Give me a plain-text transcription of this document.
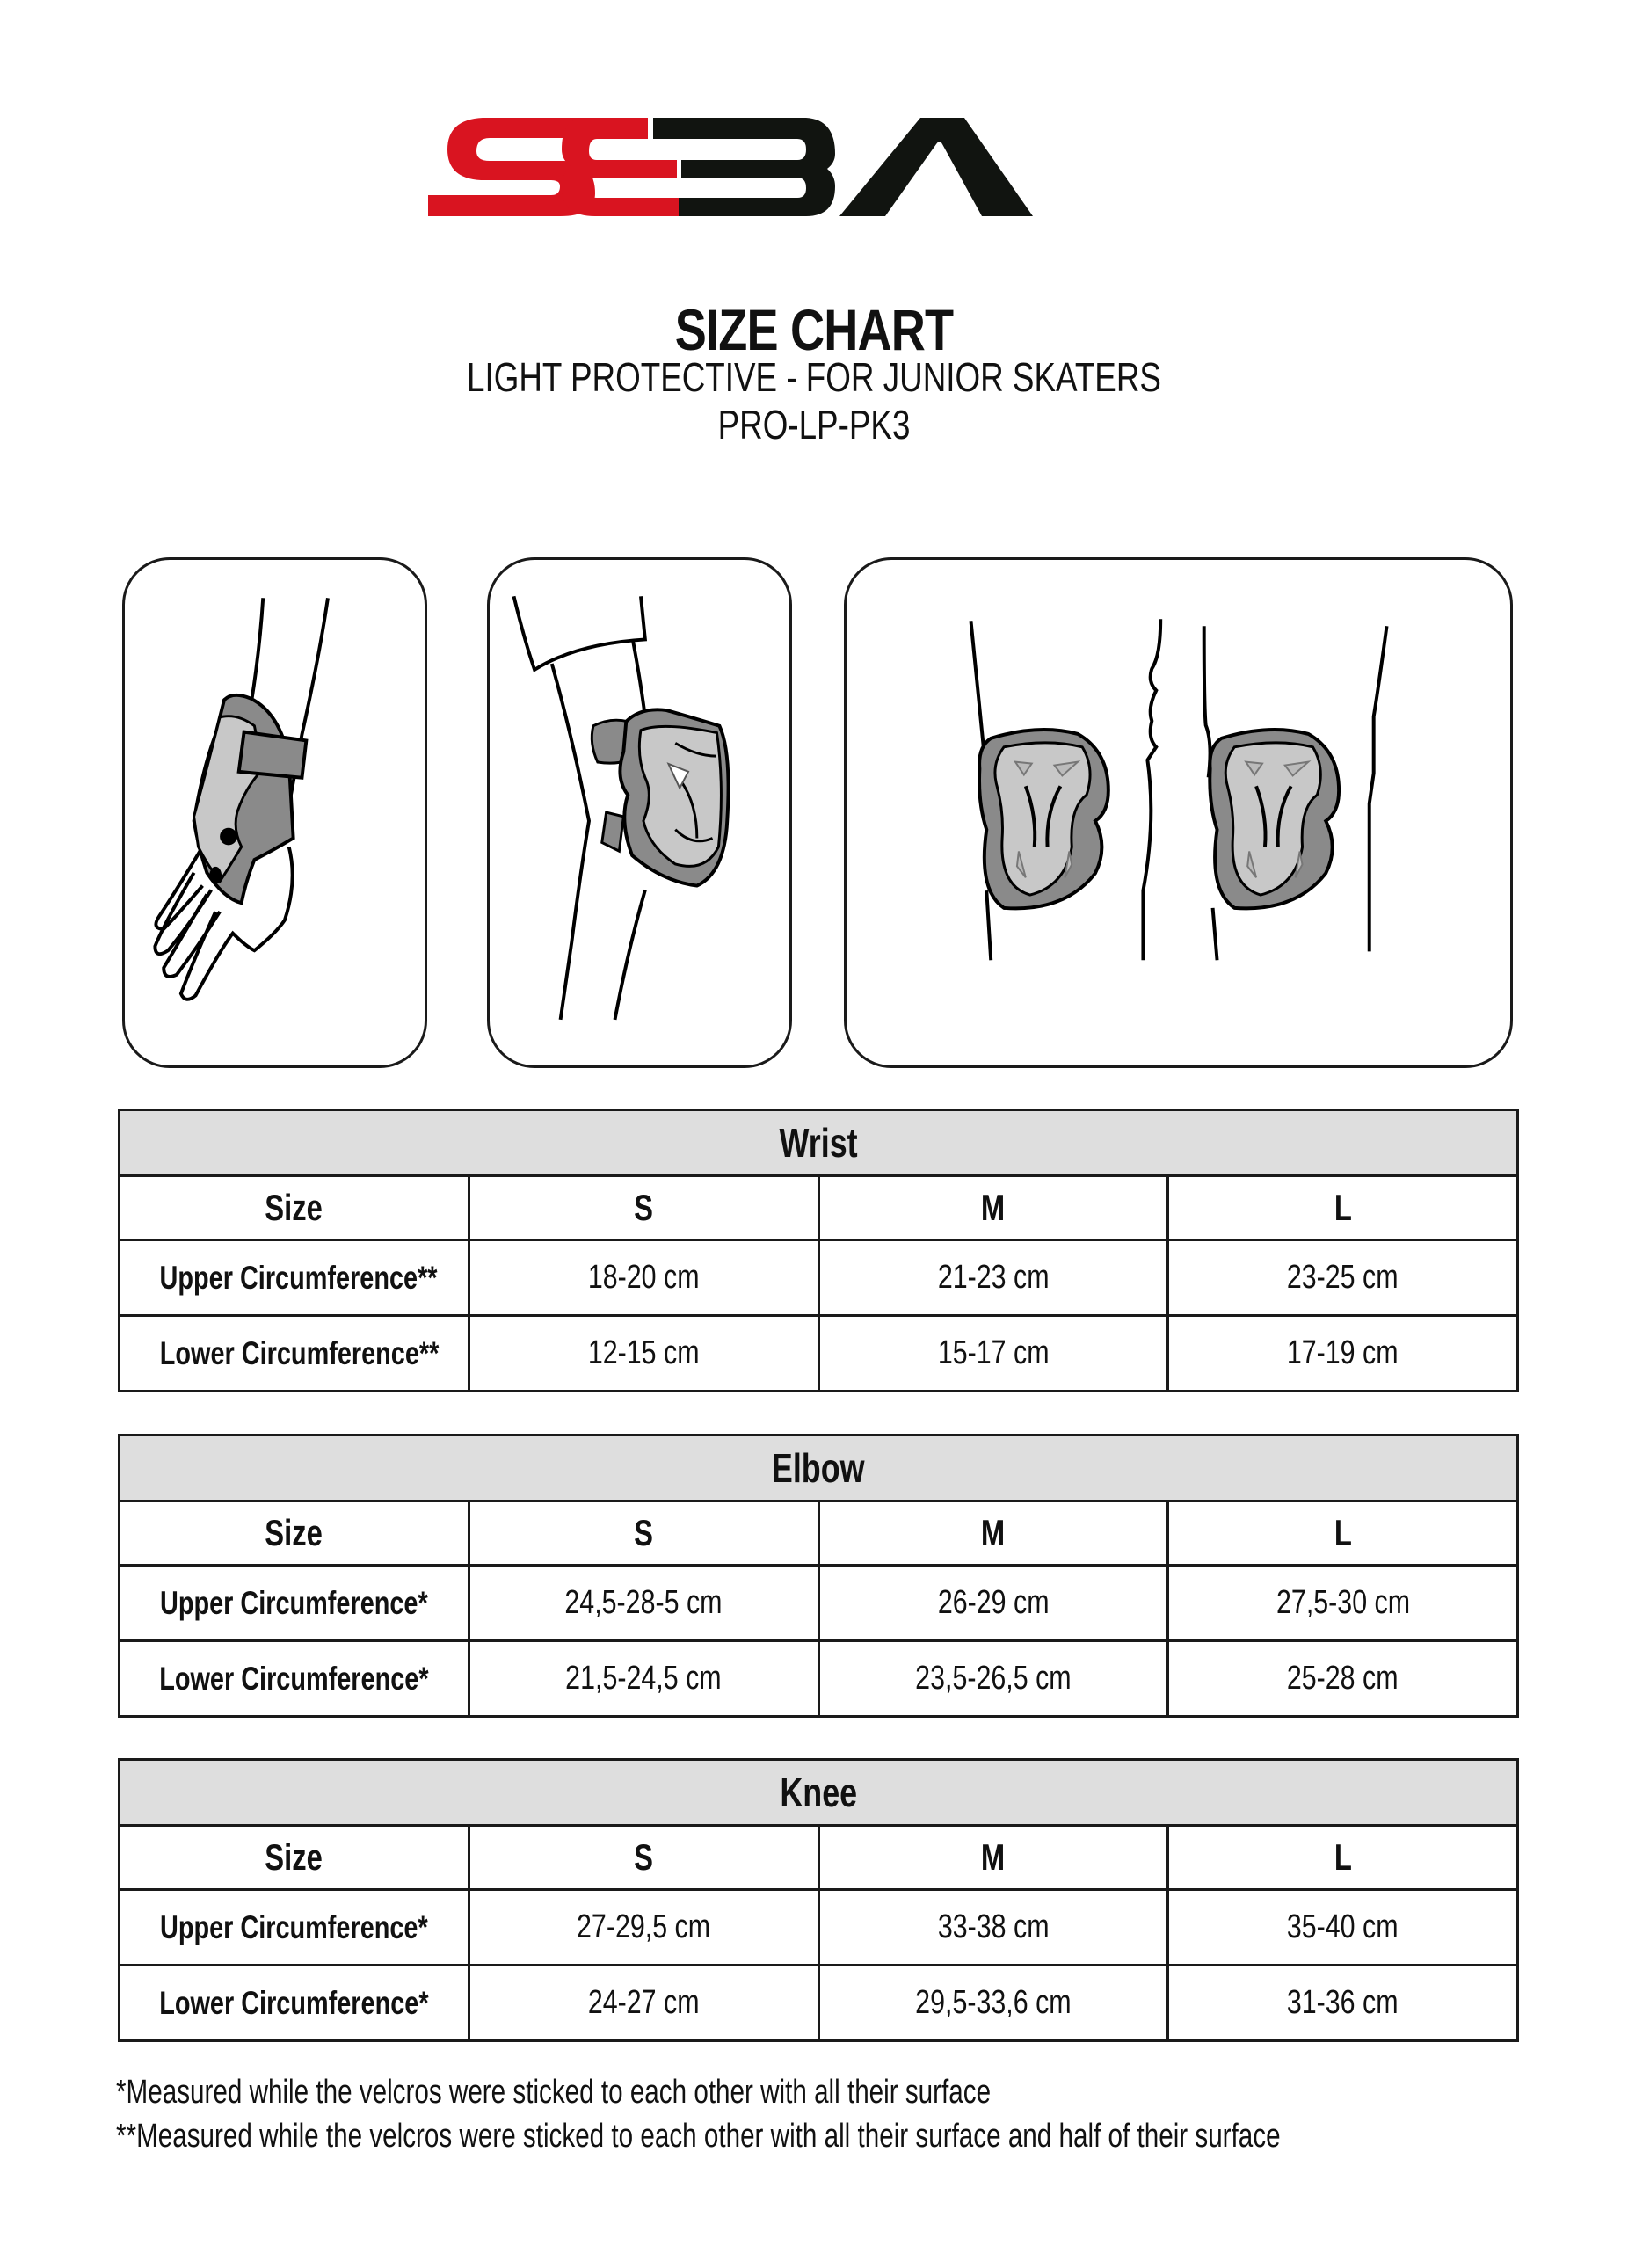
SIZE CHART
LIGHT PROTECTIVE - FOR JUNIOR SKATERS
PRO-LP-PK3
Wrist			
Size	S	M	L
Upper Circumference**	18-20 cm	21-23 cm	23-25 cm
Lower Circumference**	12-15 cm	15-17 cm	17-19 cm
Elbow			
Size	S	M	L
Upper Circumference*	24,5-28-5 cm	26-29 cm	27,5-30 cm
Lower Circumference*	21,5-24,5 cm	23,5-26,5 cm	25-28 cm
Knee			
Size	S	M	L
Upper Circumference*	27-29,5 cm	33-38 cm	35-40 cm
Lower Circumference*	24-27 cm	29,5-33,6 cm	31-36 cm
*Measured while the velcros were sticked to each other with all their surface
**Measured while the velcros were sticked to each other with all their surface and half of their surface
